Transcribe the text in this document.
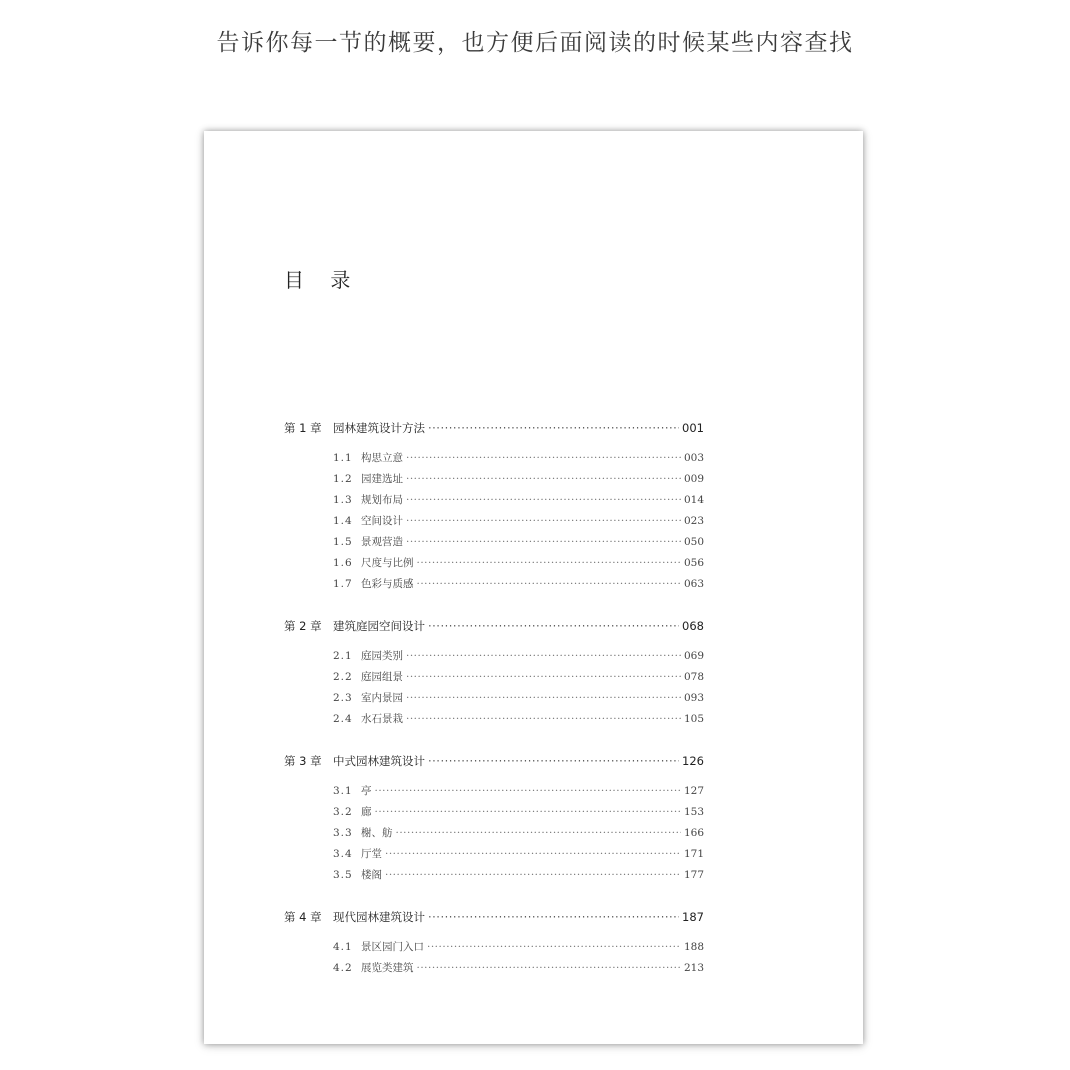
告诉你每一节的概要，也方便后面阅读的时候某些内容查找
目 录
第 1 章 园林建筑设计方法 ·····	001
1.1 构思立意 ·····	003
1.2 园建选址 ·····	009
1.3 规划布局 ·····	014
1.4 空间设计 ·····	023
1.5 景观营造 ·····	050
1.6 尺度与比例 ·····	056
1.7 色彩与质感 ·····	063
第 2 章 建筑庭园空间设计 ·····	068
2.1 庭园类别 ·····	069
2.2 庭园组景 ·····	078
2.3 室内景园 ·····	093
2.4 水石景栽 ·····	105
第 3 章 中式园林建筑设计 ·····	126
3.1 亭 ·····	127
3.2 廊 ·····	153
3.3 榭、舫 ·····	166
3.4 厅堂 ·····	171
3.5 楼阁 ·····	177
第 4 章 现代园林建筑设计 ·····	187
4.1 景区园门入口 ·····	188
4.2 展览类建筑 ·····	213
